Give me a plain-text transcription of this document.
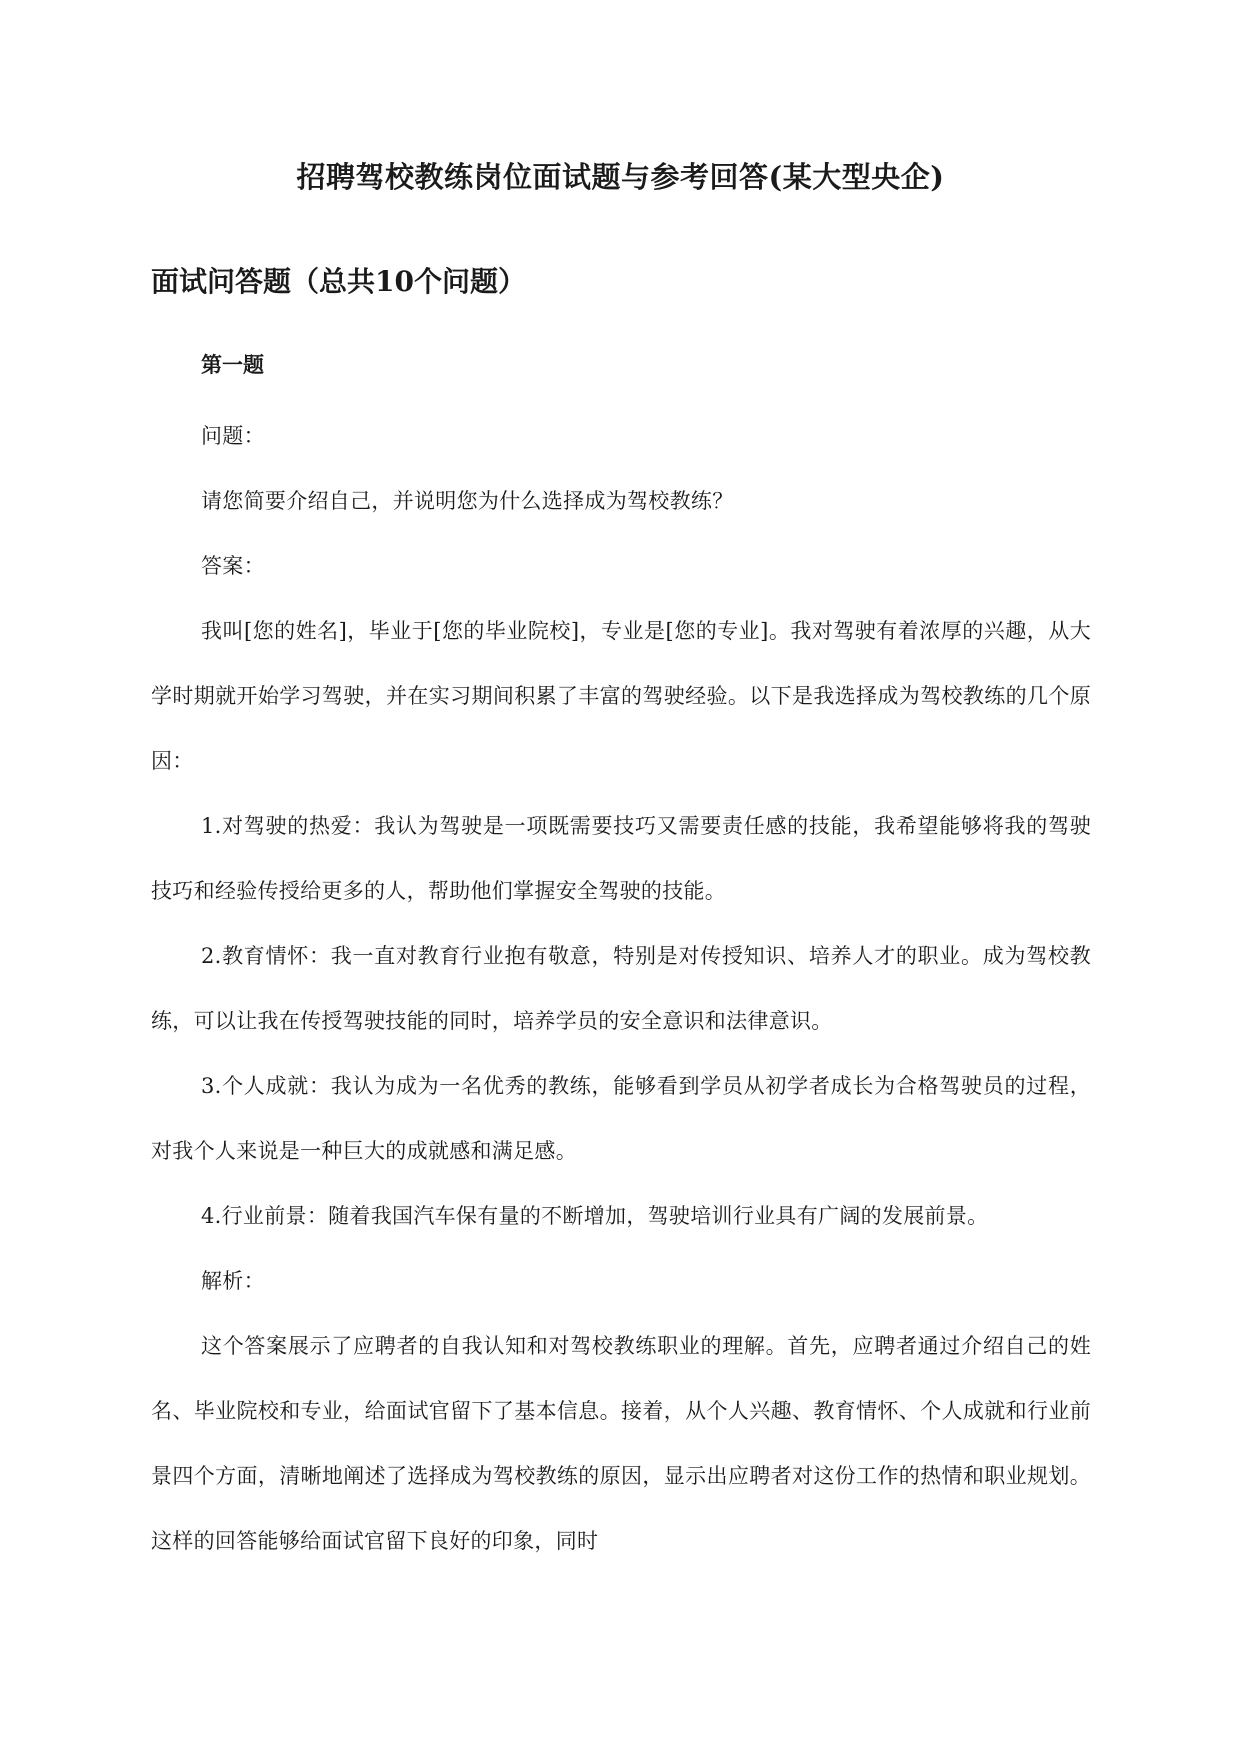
招聘驾校教练岗位面试题与参考回答(某大型央企)
面试问答题（总共10个问题）
第一题

问题：

请您简要介绍自己，并说明您为什么选择成为驾校教练？

答案：

我叫[您的姓名]，毕业于[您的毕业院校]，专业是[您的专业]。我对驾驶有着浓厚的兴趣，从大学时期就开始学习驾驶，并在实习期间积累了丰富的驾驶经验。以下是我选择成为驾校教练的几个原因：

1.对驾驶的热爱：我认为驾驶是一项既需要技巧又需要责任感的技能，我希望能够将我的驾驶技巧和经验传授给更多的人，帮助他们掌握安全驾驶的技能。

2.教育情怀：我一直对教育行业抱有敬意，特别是对传授知识、培养人才的职业。成为驾校教练，可以让我在传授驾驶技能的同时，培养学员的安全意识和法律意识。

3.个人成就：我认为成为一名优秀的教练，能够看到学员从初学者成长为合格驾驶员的过程，对我个人来说是一种巨大的成就感和满足感。

4.行业前景：随着我国汽车保有量的不断增加，驾驶培训行业具有广阔的发展前景。

解析：

这个答案展示了应聘者的自我认知和对驾校教练职业的理解。首先，应聘者通过介绍自己的姓名、毕业院校和专业，给面试官留下了基本信息。接着，从个人兴趣、教育情怀、个人成就和行业前景四个方面，清晰地阐述了选择成为驾校教练的原因，显示出应聘者对这份工作的热情和职业规划。这样的回答能够给面试官留下良好的印象，同时
